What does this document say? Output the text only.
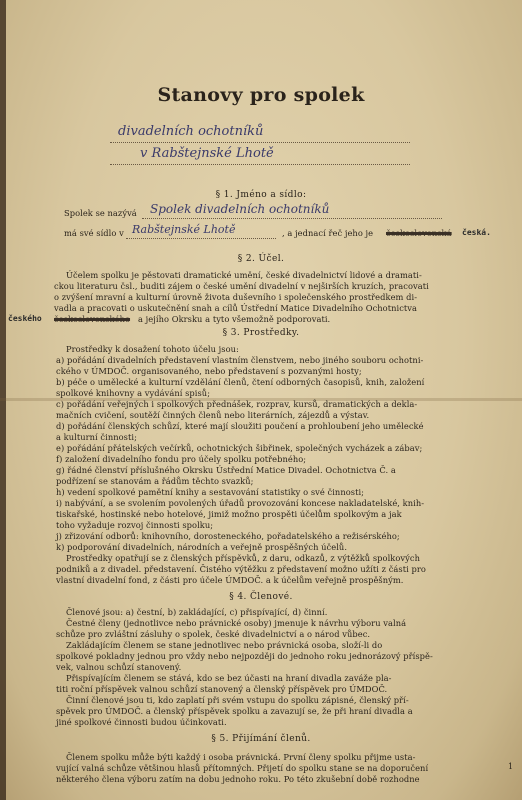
Stanovy pro spolek
divadelních ochotníků
v Rabštejnské Lhotě
§ 1. Jméno a sídlo:
Spolek se nazývá Spolek divadelních ochotníků
má své sídlo v Rabštejnské Lhotě	, a jednací řeč jeho je československá česká.
§ 2. Účel.
Účelem spolku je pěstovati dramatické umění, české divadelnictví lidové a dramati-
ckou literaturu čsl., buditi zájem o české umění divadelní v nejširších kruzích, pracovati
o zvýšení mravní a kulturní úrovně života duševního i společenského prostředkem di-
vadla a pracovati o uskutečnění snah a cílů Ústřední Matice Divadelního Ochotnictva
českého československého a jejího Okrsku a tyto všemožně podporovati.
§ 3. Prostředky.
Prostředky k dosažení tohoto účelu jsou:
a) pořádání divadelních představení vlastním členstvem, nebo jiného souboru ochotni-
ckého v ÚMDOČ. organisovaného, nebo představení s pozvanými hosty;
b) péče o umělecké a kulturní vzdělání členů, čtení odborných časopisů, knih, založení
spolkové knihovny a vydávání spisů;
c) pořádání veřejných i spolkových přednášek, rozprav, kursů, dramatických a dekla-
mačních cvičení, soutěží činných členů nebo literárních, zájezdů a výstav.
d) pořádání členských schůzí, které mají sloužiti poučení a prohloubení jeho umělecké
a kulturní činnosti;
e) pořádání přátelských večírků, ochotnických šibřinek, společných vycházek a zábav;
f) založení divadelního fondu pro účely spolku potřebného;
g) řádné členství příslušného Okrsku Ústřední Matice Divadel. Ochotnictva Č. a
podřízení se stanovám a řádům těchto svazků;
h) vedení spolkové pamětní knihy a sestavování statistiky o své činnosti;
i) nabývání, a se svolením povolených úřadů provozování koncese nakladatelské, knih-
tiskařské, hostinské nebo hotelové, jimiž možno prospěti účelům spolkovým a jak
toho vyžaduje rozvoj činnosti spolku;
j) zřizování odborů: knihovního, dorosteneckého, pořadatelského a režisérského;
k) podporování divadelních, národních a veřejně prospěšných účelů.
Prostředky opatřují se z členských příspěvků, z daru, odkazů, z výtěžků spolkových
podniků a z divadel. představení. Čistého výtěžku z představení možno užíti z části pro
vlastní divadelní fond, z části pro účele ÚMDOČ. a k účelům veřejně prospěšným.
§ 4. Členové.
Členové jsou: a) čestní, b) zakládající, c) přispívající, d) činní.
Čestné členy (jednotlivce nebo právnické osoby) jmenuje k návrhu výboru valná
schůze pro zvláštní zásluhy o spolek, české divadelnictví a o národ vůbec.
Zakládajícím členem se stane jednotlivec nebo právnická osoba, složí-li do
spolkové pokladny jednou pro vždy nebo nejpozději do jednoho roku jednorázový příspě-
vek, valnou schůzí stanovený.
Přispívajícím členem se stává, kdo se bez účasti na hraní divadla zaváže pla-
titi roční příspěvek valnou schůzí stanovený a členský příspěvek pro ÚMDOČ.
Činní členové jsou ti, kdo zaplatí při svém vstupu do spolku zápisné, členský pří-
spěvek pro ÚMDOČ. a členský příspěvek spolku a zavazují se, že při hraní divadla a
jiné spolkové činnosti budou účinkovati.
§ 5. Přijímání členů.
Členem spolku může býti každý i osoba právnická. První členy spolku přijme usta-
vující valná schůze většinou hlasů přítomných. Přijetí do spolku stane se na doporučení
některého člena výboru zatím na dobu jednoho roku. Po této zkušební době rozhodne
1
